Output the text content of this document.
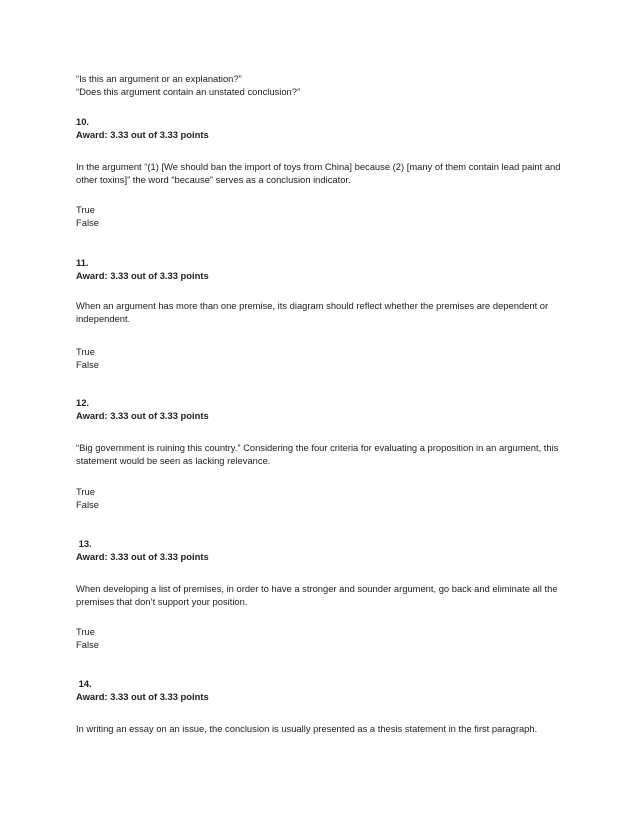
“Is this an argument or an explanation?”
“Does this argument contain an unstated conclusion?”
10.
Award: 3.33 out of 3.33 points
In the argument “(1) [We should ban the import of toys from China] because (2) [many of them contain lead paint and other toxins]” the word “because” serves as a conclusion indicator.
True
False
11.
Award: 3.33 out of 3.33 points
When an argument has more than one premise, its diagram should reflect whether the premises are dependent or independent.
True
False
12.
Award: 3.33 out of 3.33 points
“Big government is ruining this country.” Considering the four criteria for evaluating a proposition in an argument, this statement would be seen as lacking relevance.
True
False
13.
Award: 3.33 out of 3.33 points
When developing a list of premises, in order to have a stronger and sounder argument, go back and eliminate all the premises that don’t support your position.
True
False
14.
Award: 3.33 out of 3.33 points
In writing an essay on an issue, the conclusion is usually presented as a thesis statement in the first paragraph.
